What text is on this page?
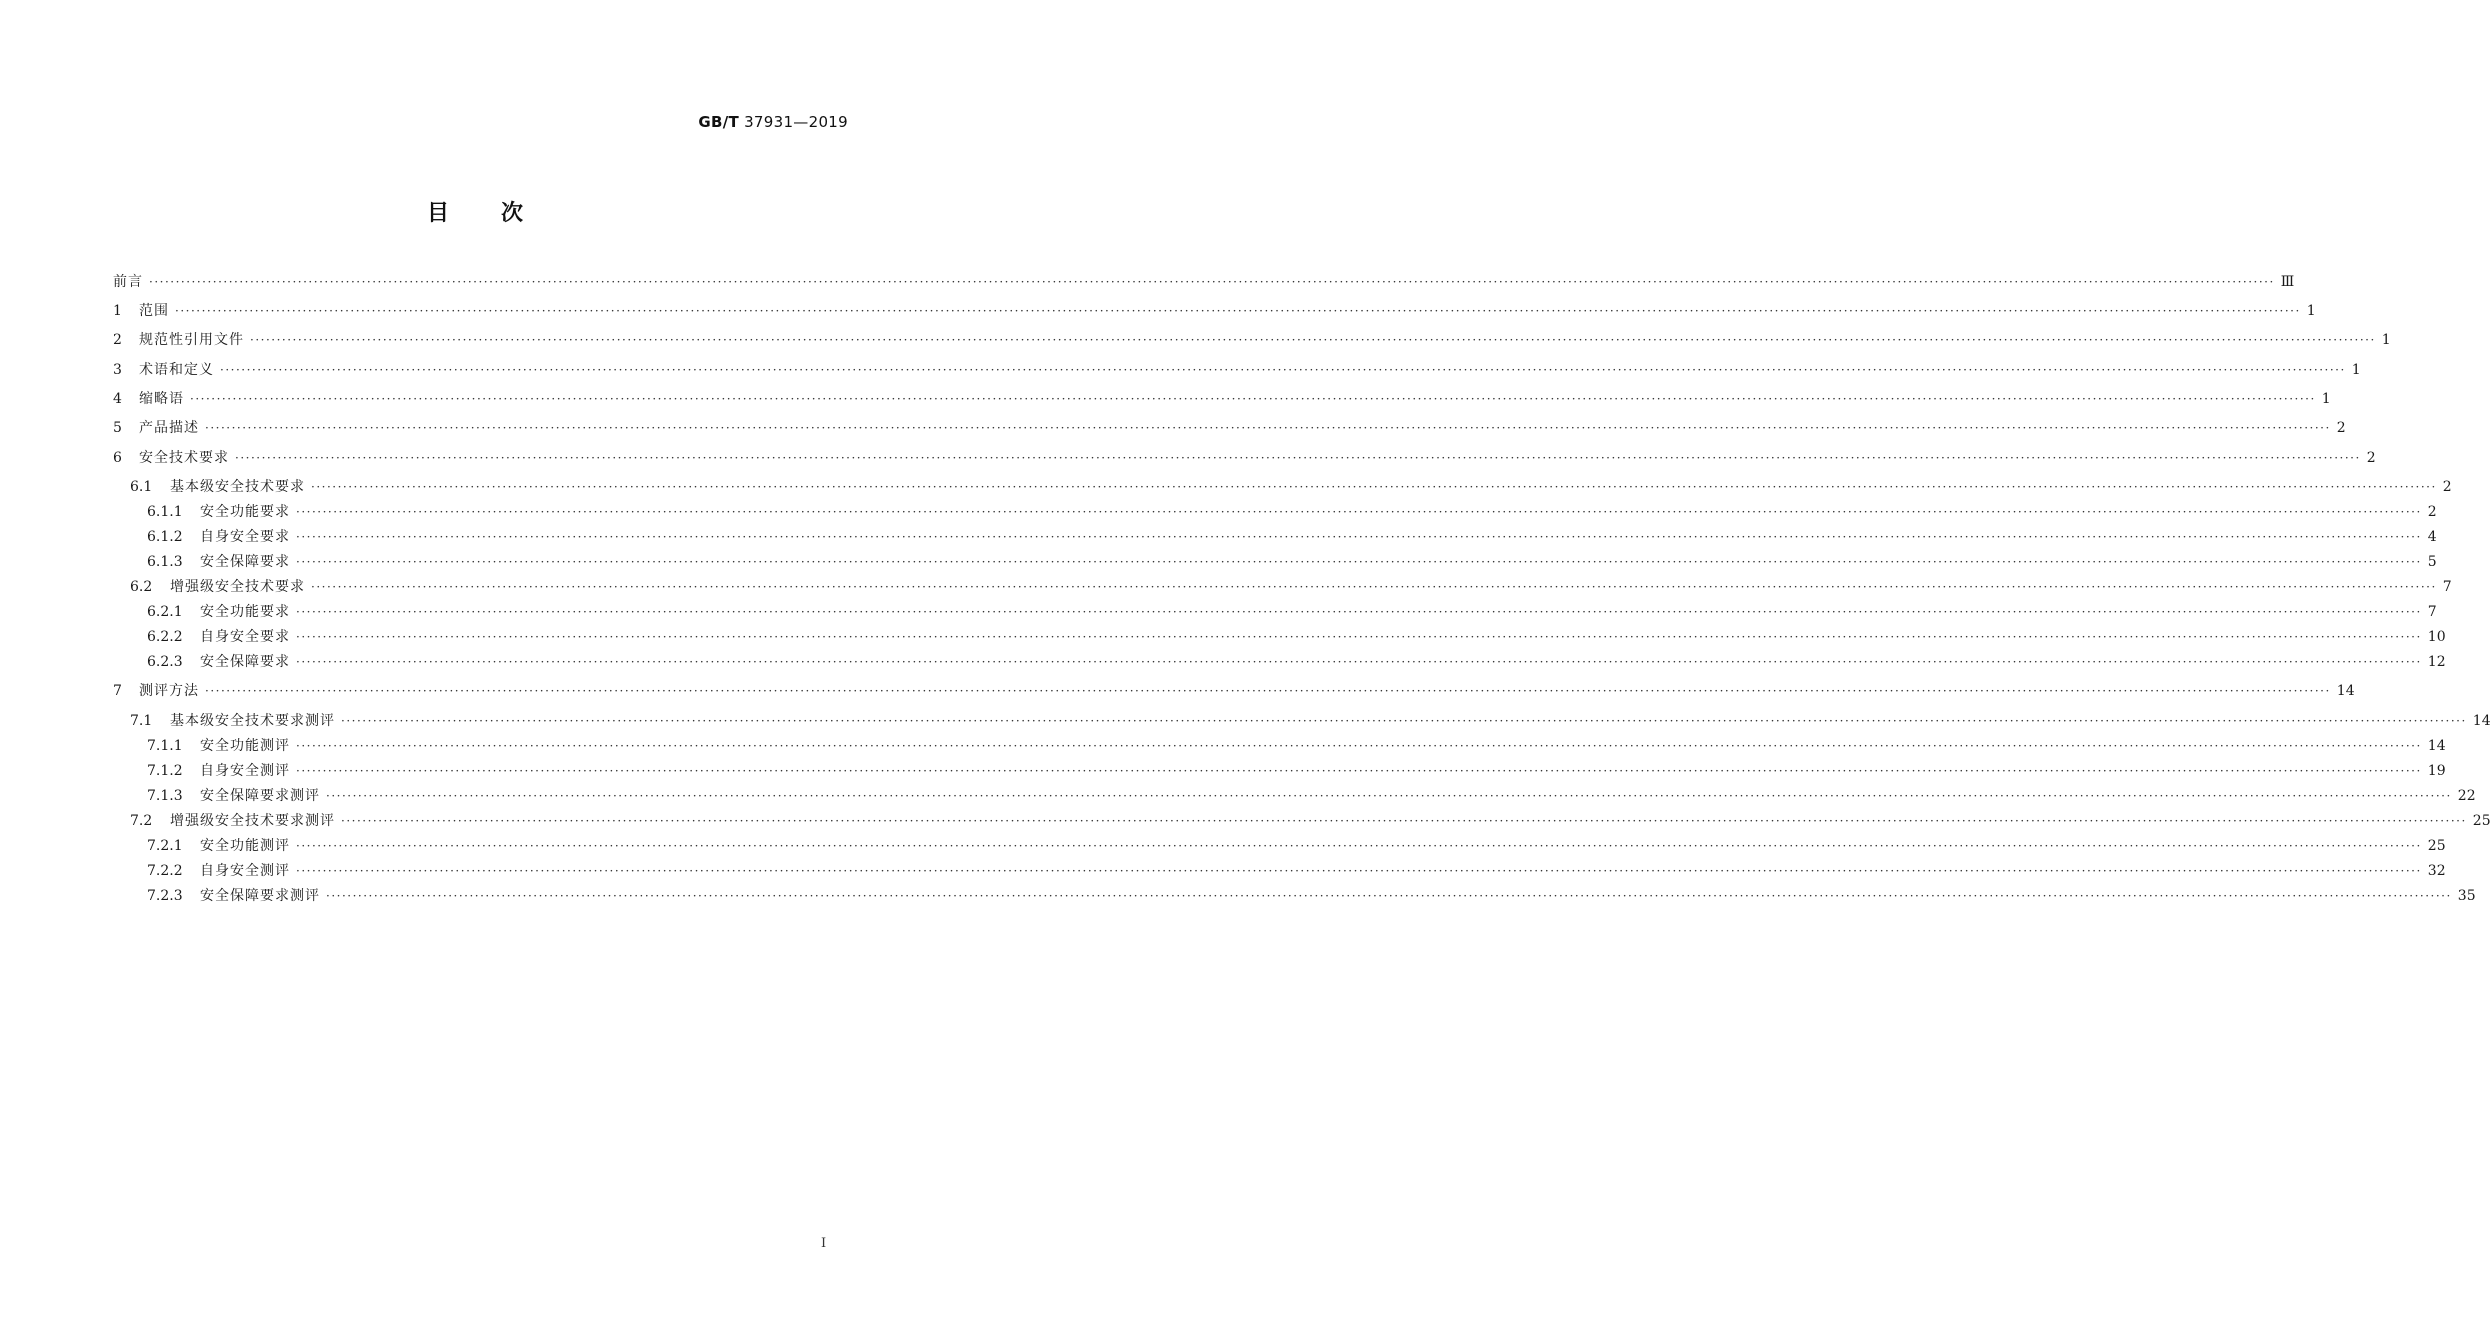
GB/T 37931—2019
目次
前言 ················································································································································································································································································································································································································ Ⅲ
1	范围 ················································································································································································································································································································································································································ 1
2	规范性引用文件 ················································································································································································································································································································································································································ 1
3	术语和定义 ················································································································································································································································································································································································································ 1
4	缩略语 ················································································································································································································································································································································································································ 1
5	产品描述 ················································································································································································································································································································································································································ 2
6	安全技术要求 ················································································································································································································································································································································································································ 2
6.1	基本级安全技术要求 ················································································································································································································································································································································································································ 2
6.1.1	安全功能要求 ················································································································································································································································································································································································································ 2
6.1.2	自身安全要求 ················································································································································································································································································································································································································ 4
6.1.3	安全保障要求 ················································································································································································································································································································································································································ 5
6.2	增强级安全技术要求 ················································································································································································································································································································································································································ 7
6.2.1	安全功能要求 ················································································································································································································································································································································································································ 7
6.2.2	自身安全要求 ················································································································································································································································································································································································································ 10
6.2.3	安全保障要求 ················································································································································································································································································································································································································ 12
7	测评方法 ················································································································································································································································································································································································································ 14
7.1	基本级安全技术要求测评 ················································································································································································································································································································································································································ 14
7.1.1	安全功能测评 ················································································································································································································································································································································································································ 14
7.1.2	自身安全测评 ················································································································································································································································································································································································································ 19
7.1.3	安全保障要求测评 ················································································································································································································································································································································································································ 22
7.2	增强级安全技术要求测评 ················································································································································································································································································································································································································ 25
7.2.1	安全功能测评 ················································································································································································································································································································································································································ 25
7.2.2	自身安全测评 ················································································································································································································································································································································································································ 32
7.2.3	安全保障要求测评 ················································································································································································································································································································································································································ 35
Ⅰ
